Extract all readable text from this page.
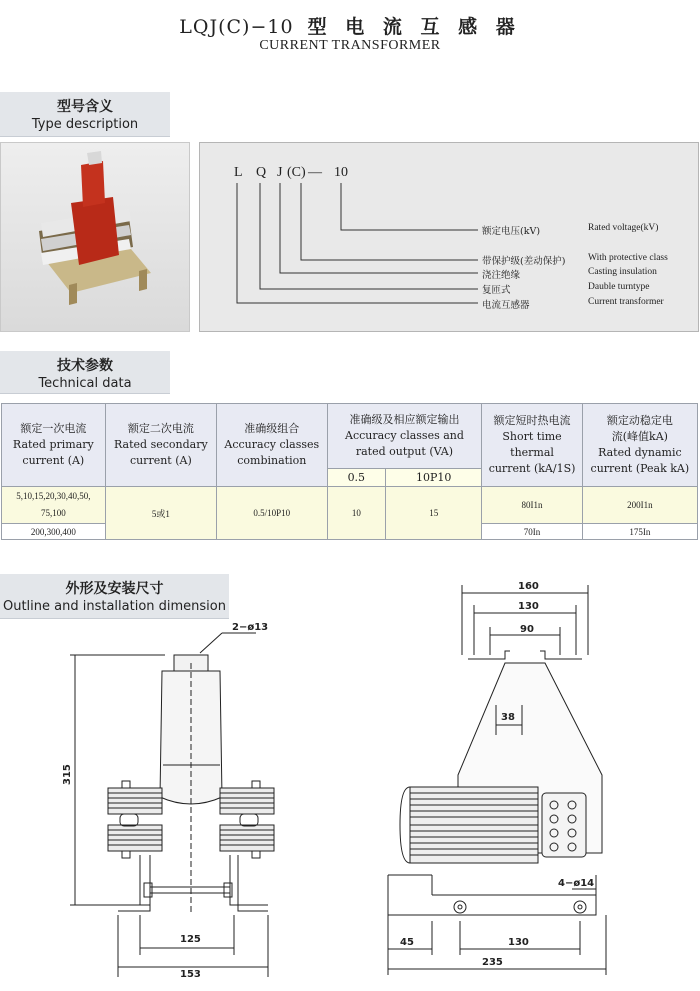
LQJ(C)−10 型 电 流 互 感 器
CURRENT TRANSFORMER
型号含义
Type description
L Q J (C) — 10
额定电压(kV)	Rated voltage(kV)
带保护级(差动保护) With protective class
浇注绝缘	Casting insulation
复匝式	Dauble turntype
电流互感器	Current transformer
技术参数
Technical data
额定一次电流
Rated primary
current (A)	额定二次电流
Rated secondary
current (A)	准确级组合
Accuracy classes
combination	准确级及相应额定输出
Accuracy classes and
rated output (VA)		额定短时热电流
Short time
thermal
current (kA/1S)	额定动稳定电
流(峰值kA)
Rated dynamic
current (Peak kA)

			0.5	10P10		
5,10,15,20,30,40,50,
75,100	5或1	0.5/10P10	10	15	80I1n	200I1n
200,300,400					70In	175In
外形及安装尺寸
Outline and installation dimension
2−ø13
315
125
153
160
130
90
38
4−ø14
45	130
235
